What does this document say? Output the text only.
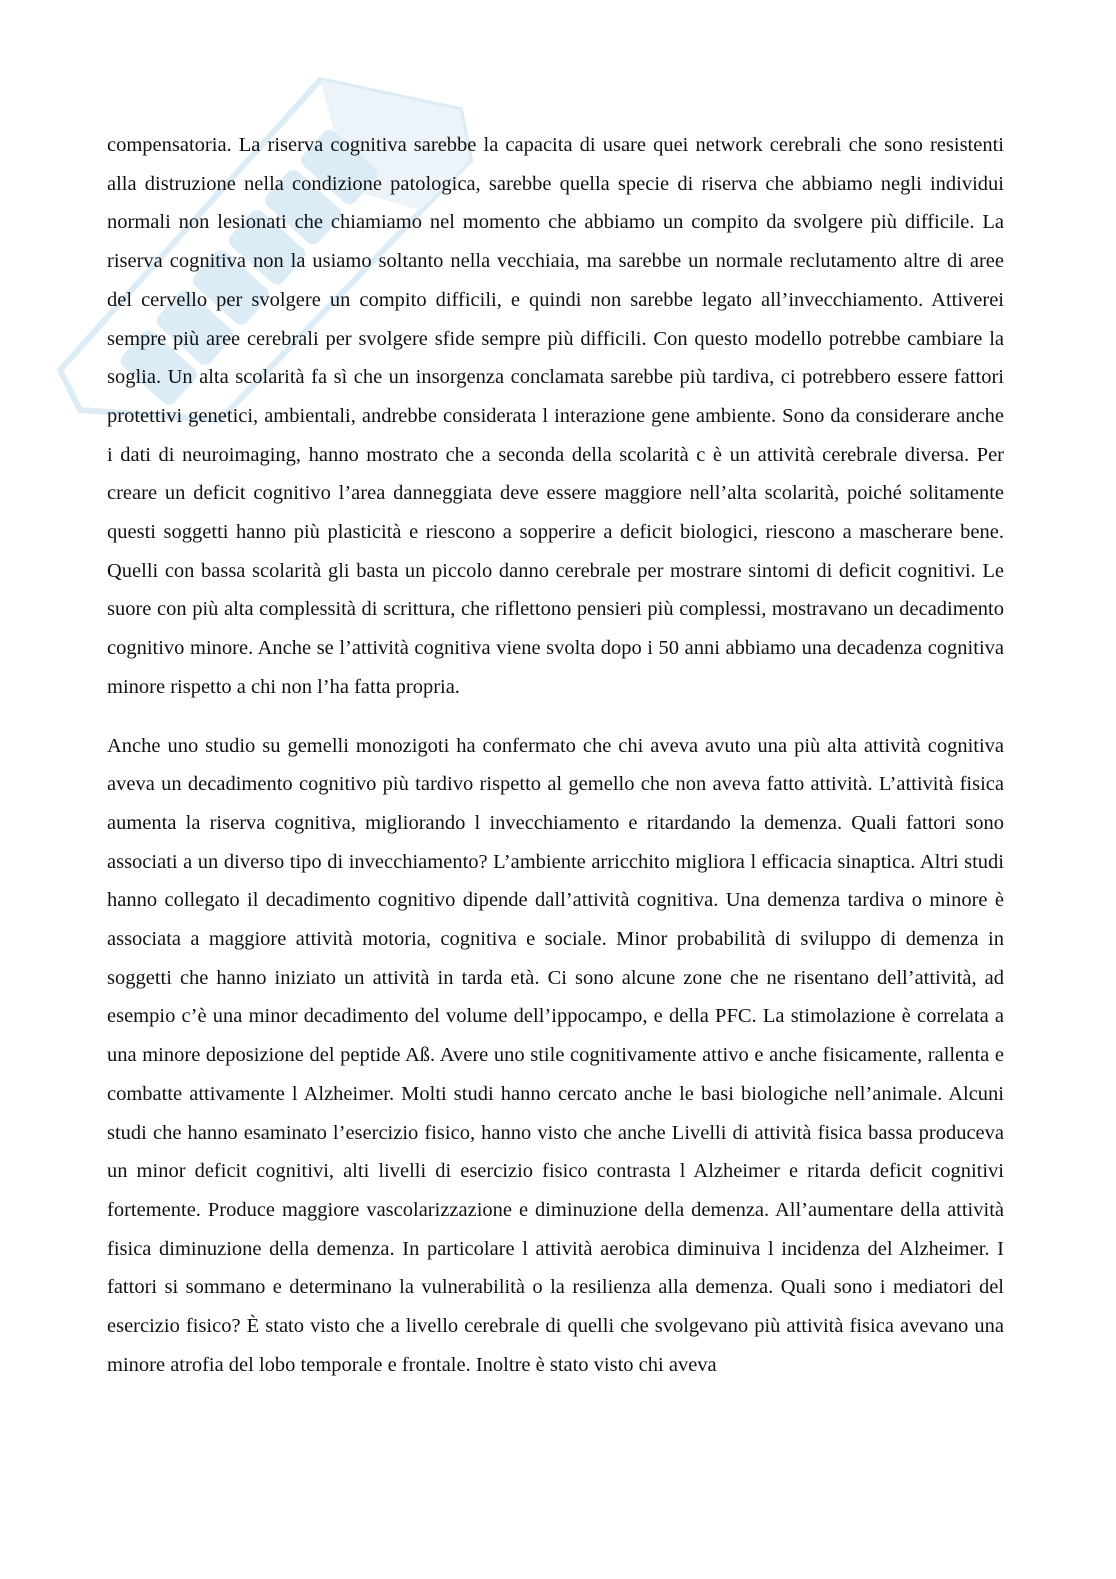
compensatoria. La riserva cognitiva sarebbe la capacita di usare quei network cerebrali che sono resistenti alla distruzione nella condizione patologica, sarebbe quella specie di riserva che abbiamo negli individui normali non lesionati che chiamiamo nel momento che abbiamo un compito da svolgere più difficile. La riserva cognitiva non la usiamo soltanto nella vecchiaia, ma sarebbe un normale reclutamento altre di aree del cervello per svolgere un compito difficili, e quindi non sarebbe legato all’invecchiamento. Attiverei sempre più aree cerebrali per svolgere sfide sempre più difficili. Con questo modello potrebbe cambiare la soglia. Un alta scolarità fa sì che un insorgenza conclamata sarebbe più tardiva, ci potrebbero essere fattori protettivi genetici, ambientali, andrebbe considerata l interazione gene ambiente. Sono da considerare anche i dati di neuroimaging, hanno mostrato che a seconda della scolarità c è un attività cerebrale diversa. Per creare un deficit cognitivo l’area danneggiata deve essere maggiore nell’alta scolarità, poiché solitamente questi soggetti hanno più plasticità e riescono a sopperire a deficit biologici, riescono a mascherare bene. Quelli con bassa scolarità gli basta un piccolo danno cerebrale per mostrare sintomi di deficit cognitivi. Le suore con più alta complessità di scrittura, che riflettono pensieri più complessi, mostravano un decadimento cognitivo minore. Anche se l’attività cognitiva viene svolta dopo i 50 anni abbiamo una decadenza cognitiva minore rispetto a chi non l’ha fatta propria.

Anche uno studio su gemelli monozigoti ha confermato che chi aveva avuto una più alta attività cognitiva aveva un decadimento cognitivo più tardivo rispetto al gemello che non aveva fatto attività. L’attività fisica aumenta la riserva cognitiva, migliorando l invecchiamento e ritardando la demenza. Quali fattori sono associati a un diverso tipo di invecchiamento? L’ambiente arricchito migliora l efficacia sinaptica. Altri studi hanno collegato il decadimento cognitivo dipende dall’attività cognitiva. Una demenza tardiva o minore è associata a maggiore attività motoria, cognitiva e sociale. Minor probabilità di sviluppo di demenza in soggetti che hanno iniziato un attività in tarda età. Ci sono alcune zone che ne risentano dell’attività, ad esempio c’è una minor decadimento del volume dell’ippocampo, e della PFC. La stimolazione è correlata a una minore deposizione del peptide Aß. Avere uno stile cognitivamente attivo e anche fisicamente, rallenta e combatte attivamente l Alzheimer. Molti studi hanno cercato anche le basi biologiche nell’animale. Alcuni studi che hanno esaminato l’esercizio fisico, hanno visto che anche Livelli di attività fisica bassa produceva un minor deficit cognitivi, alti livelli di esercizio fisico contrasta l Alzheimer e ritarda deficit cognitivi fortemente. Produce maggiore vascolarizzazione e diminuzione della demenza. All’aumentare della attività fisica diminuzione della demenza. In particolare l attività aerobica diminuiva l incidenza del Alzheimer. I fattori si sommano e determinano la vulnerabilità o la resilienza alla demenza. Quali sono i mediatori del esercizio fisico? È stato visto che a livello cerebrale di quelli che svolgevano più attività fisica avevano una minore atrofia del lobo temporale e frontale. Inoltre è stato visto chi aveva
